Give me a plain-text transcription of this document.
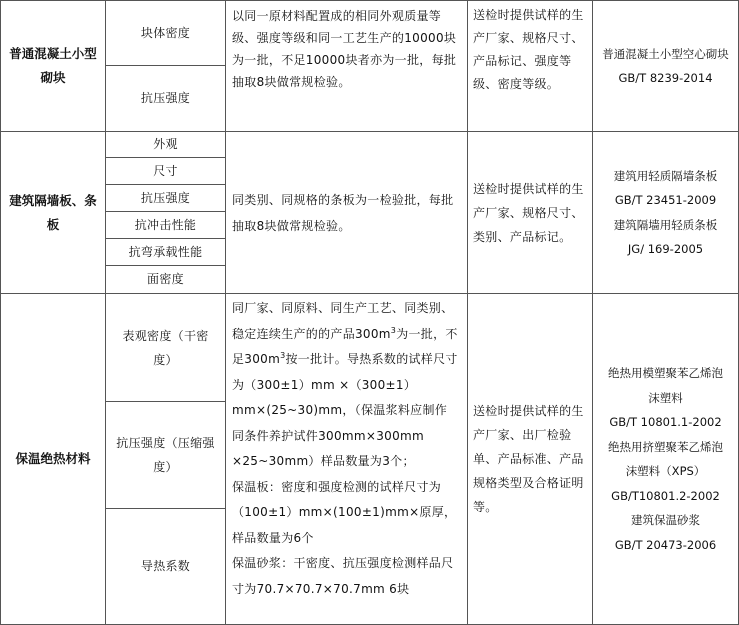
普通混凝土小型砌块
块体密度
抗压强度
以同一原材料配置成的相同外观质量等级、强度等级和同一工艺生产的10000块为一批，不足10000块者亦为一批，每批抽取8块做常规检验。
送检时提供试样的生产厂家、规格尺寸、产品标记、强度等级、密度等级。
普通混凝土小型空心砌块
GB/T 8239-2014
建筑隔墙板、条板
外观
尺寸
抗压强度
抗冲击性能
抗弯承载性能
面密度
同类别、同规格的条板为一检验批，每批抽取8块做常规检验。
送检时提供试样的生产厂家、规格尺寸、类别、产品标记。
建筑用轻质隔墙条板
GB/T 23451-2009
建筑隔墙用轻质条板
JG/ 169-2005
保温绝热材料
表观密度（干密度）
抗压强度（压缩强度）
导热系数
同厂家、同原料、同生产工艺、同类别、稳定连续生产的的产品$300m^3$为一批，不足$300m^3$按一批计。导热系数的试样尺寸为（300±1）mm ×（300±1）mm×(25~30)mm，（保温浆料应制作同条件养护试件300mm×300mm ×25~30mm）样品数量为3个；
保温板：密度和强度检测的试样尺寸为（100±1）mm×(100±1)mm×原厚，样品数量为6个
保温砂浆：干密度、抗压强度检测样品尺寸为70.7×70.7×70.7mm 6块
送检时提供试样的生产厂家、出厂检验单、产品标准、产品规格类型及合格证明等。
绝热用模塑聚苯乙烯泡沫塑料
GB/T 10801.1-2002
绝热用挤塑聚苯乙烯泡沫塑料（XPS）
GB/T10801.2-2002
建筑保温砂浆
GB/T 20473-2006
